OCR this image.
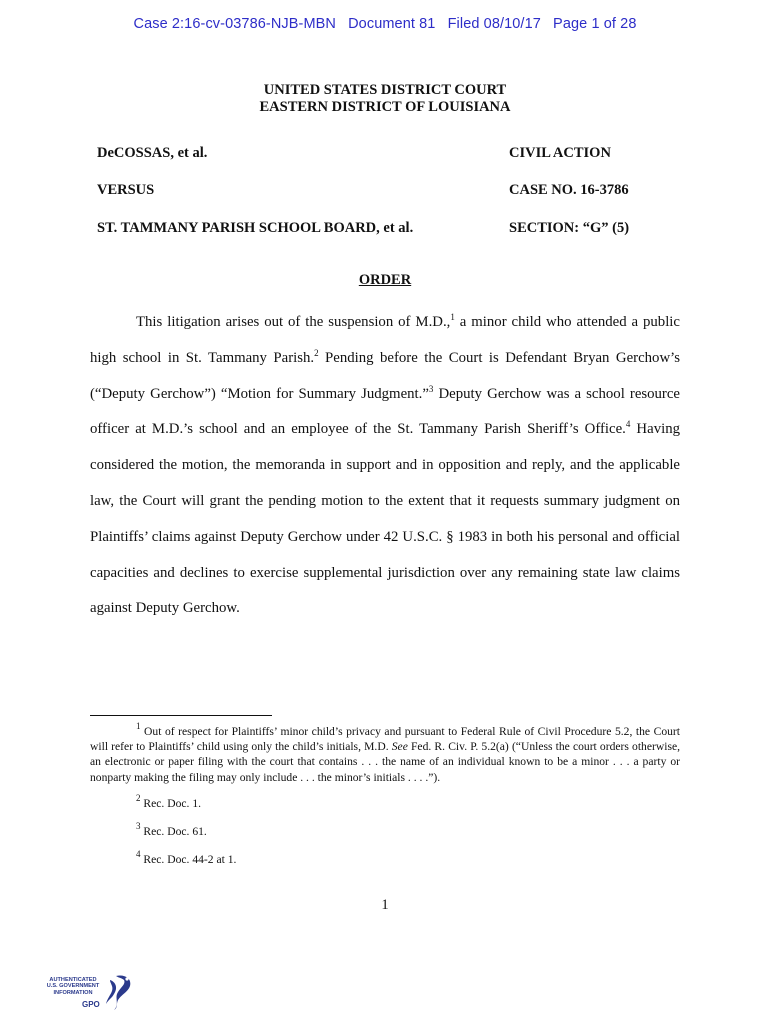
Case 2:16-cv-03786-NJB-MBN Document 81 Filed 08/10/17 Page 1 of 28
UNITED STATES DISTRICT COURT
EASTERN DISTRICT OF LOUISIANA
DeCOSSAS, et al.	CIVIL ACTION
VERSUS	CASE NO. 16-3786
ST. TAMMANY PARISH SCHOOL BOARD, et al.	SECTION: “G” (5)
ORDER
This litigation arises out of the suspension of M.D.,$^1$ a minor child who attended a public high school in St. Tammany Parish.$^2$ Pending before the Court is Defendant Bryan Gerchow’s (“Deputy Gerchow”) “Motion for Summary Judgment.”$^3$ Deputy Gerchow was a school resource officer at M.D.’s school and an employee of the St. Tammany Parish Sheriff’s Office.$^4$ Having considered the motion, the memoranda in support and in opposition and reply, and the applicable law, the Court will grant the pending motion to the extent that it requests summary judgment on Plaintiffs’ claims against Deputy Gerchow under 42 U.S.C. § 1983 in both his personal and official capacities and declines to exercise supplemental jurisdiction over any remaining state law claims against Deputy Gerchow.
$^1$ Out of respect for Plaintiffs’ minor child’s privacy and pursuant to Federal Rule of Civil Procedure 5.2, the Court will refer to Plaintiffs’ child using only the child’s initials, M.D. See Fed. R. Civ. P. 5.2(a) (“Unless the court orders otherwise, an electronic or paper filing with the court that contains . . . the name of an individual known to be a minor . . . a party or nonparty making the filing may only include . . . the minor’s initials . . . .”).
$^2$ Rec. Doc. 1.
$^3$ Rec. Doc. 61.
$^4$ Rec. Doc. 44-2 at 1.
1
AUTHENTICATED
U.S. GOVERNMENT
INFORMATION
GPO
